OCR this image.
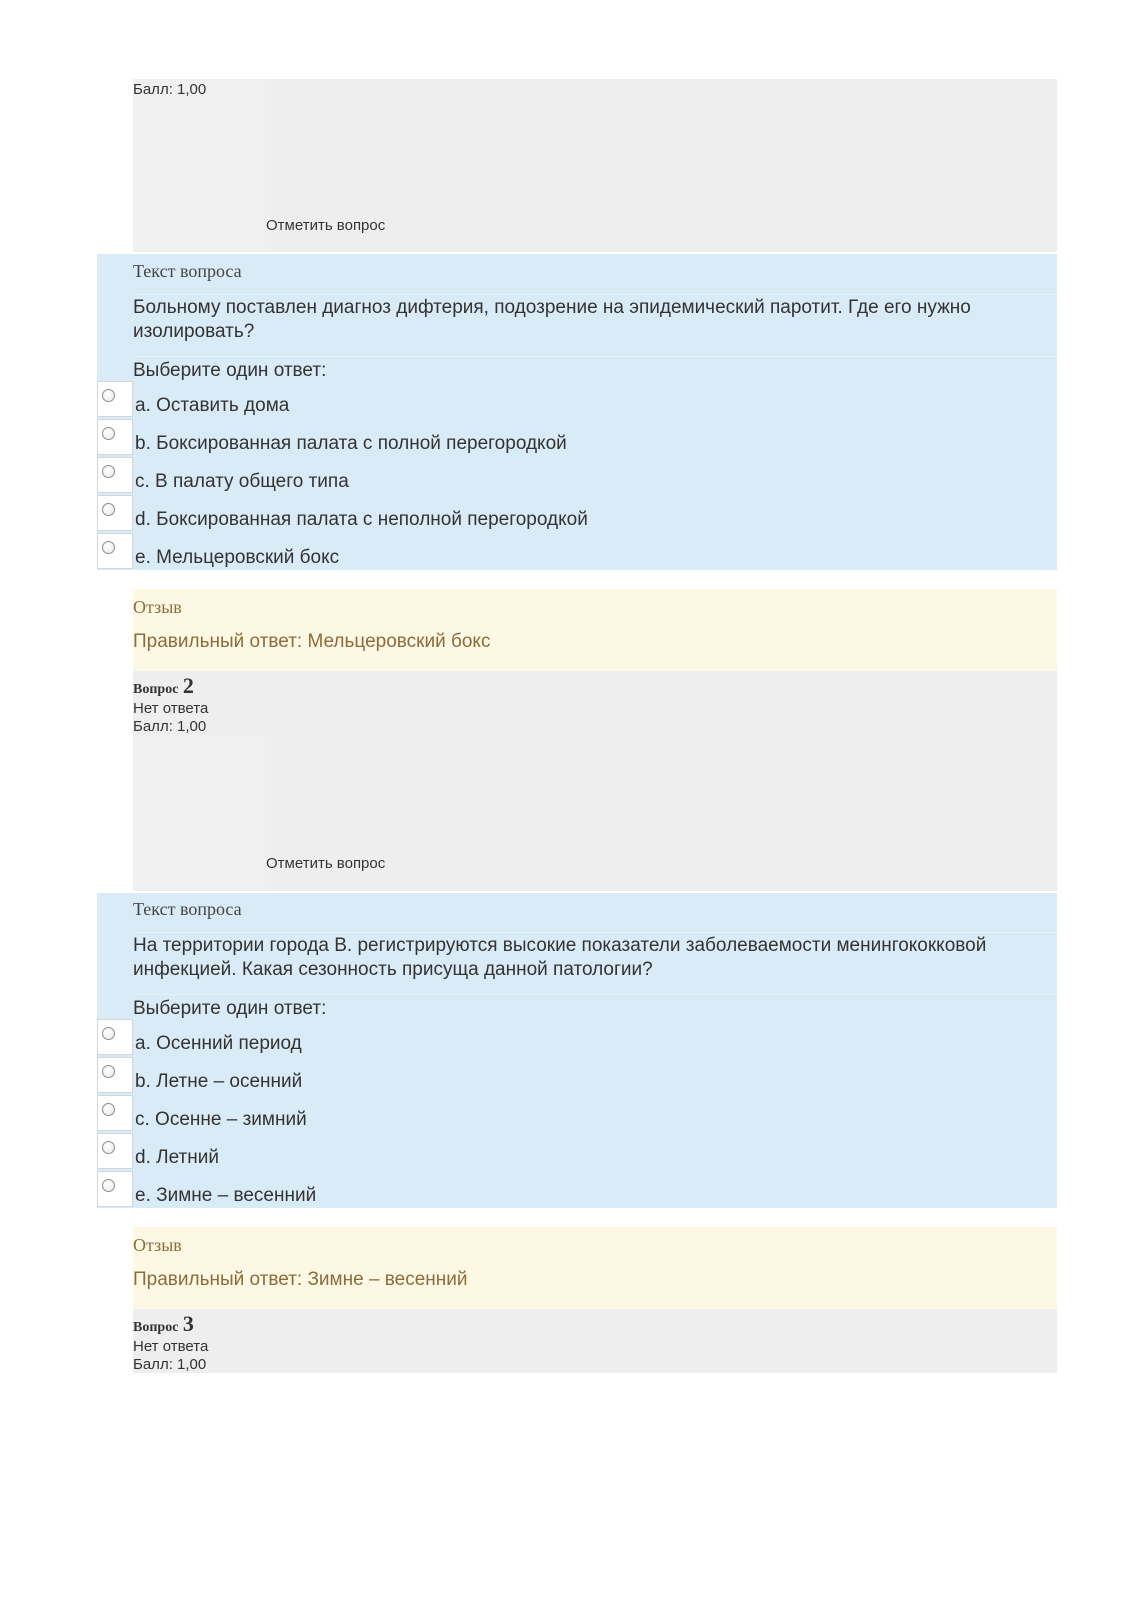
Балл: 1,00
Отметить вопрос
Текст вопроса
Больному поставлен диагноз дифтерия, подозрение на эпидемический паротит. Где его нужно изолировать?
Выберите один ответ:
a. Оставить дома
b. Боксированная палата с полной перегородкой
c. В палату общего типа
d. Боксированная палата с неполной перегородкой
e. Мельцеровский бокс
Отзыв
Правильный ответ: Мельцеровский бокс
Вопрос 2
Нет ответа
Балл: 1,00
Отметить вопрос
Текст вопроса
На территории города В. регистрируются высокие показатели заболеваемости менингококковой инфекцией. Какая сезонность присуща данной патологии?
Выберите один ответ:
a. Осенний период
b. Летне – осенний
c. Осенне – зимний
d. Летний
e. Зимне – весенний
Отзыв
Правильный ответ: Зимне – весенний
Вопрос 3
Нет ответа
Балл: 1,00
